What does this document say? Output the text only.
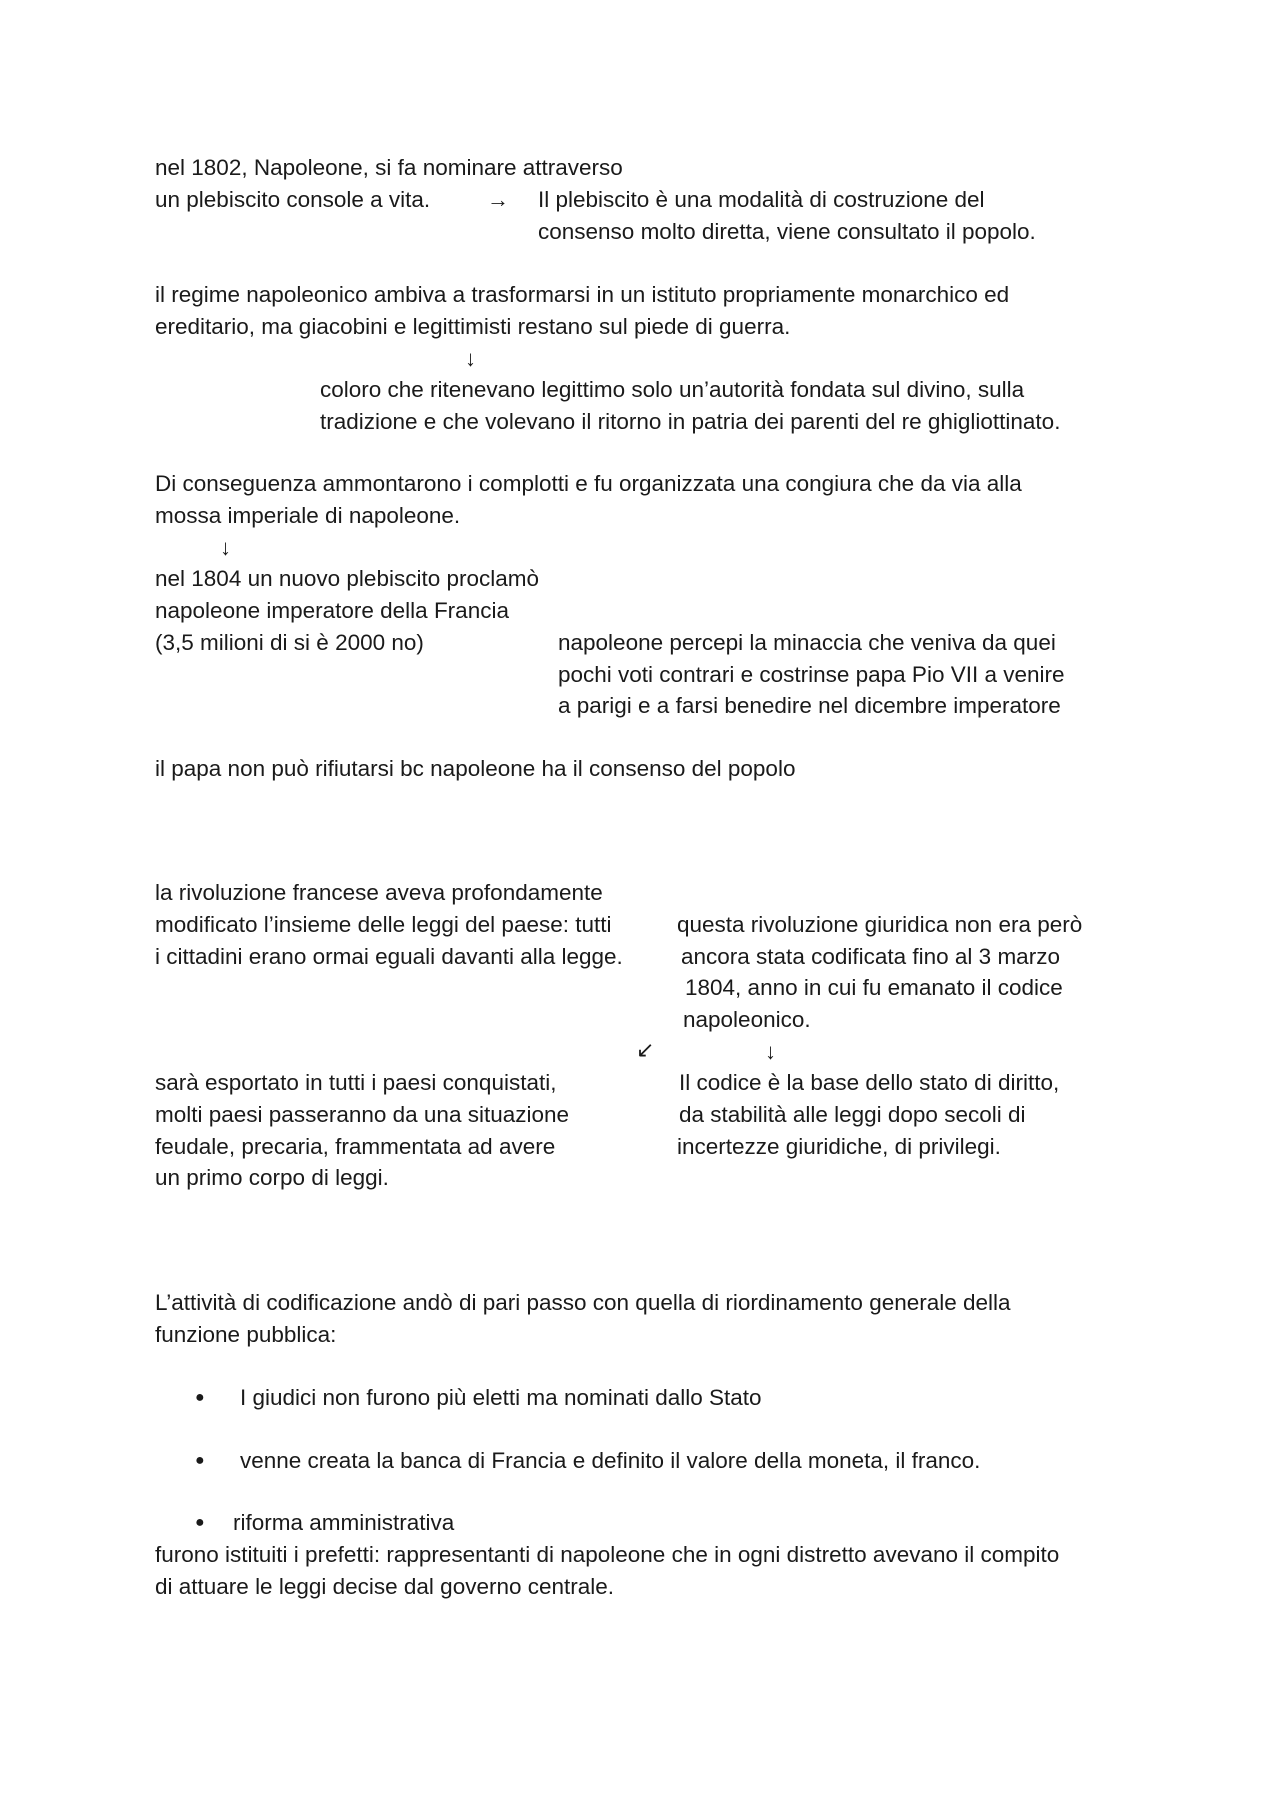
nel 1802, Napoleone, si fa nominare attraverso
un plebiscito console a vita.	→ Il plebiscito è una modalità di costruzione del
consenso molto diretta, viene consultato il popolo.
il regime napoleonico ambiva a trasformarsi in un istituto propriamente monarchico ed
ereditario, ma giacobini e legittimisti restano sul piede di guerra.
↓
coloro che ritenevano legittimo solo un’autorità fondata sul divino, sulla
tradizione e che volevano il ritorno in patria dei parenti del re ghigliottinato.
Di conseguenza ammontarono i complotti e fu organizzata una congiura che da via alla
mossa imperiale di napoleone.
↓
nel 1804 un nuovo plebiscito proclamò
napoleone imperatore della Francia
(3,5 milioni di si è 2000 no)	napoleone percepi la minaccia che veniva da quei
pochi voti contrari e costrinse papa Pio VII a venire
a parigi e a farsi benedire nel dicembre imperatore
il papa non può rifiutarsi bc napoleone ha il consenso del popolo
la rivoluzione francese aveva profondamente
modificato l’insieme delle leggi del paese: tutti
i cittadini erano ormai eguali davanti alla legge.
questa rivoluzione giuridica non era però
ancora stata codificata fino al 3 marzo
1804, anno in cui fu emanato il codice
napoleonico.
↙	↓
sarà esportato in tutti i paesi conquistati,
molti paesi passeranno da una situazione
feudale, precaria, frammentata ad avere
un primo corpo di leggi.
Il codice è la base dello stato di diritto,
da stabilità alle leggi dopo secoli di
incertezze giuridiche, di privilegi.
L’attività di codificazione andò di pari passo con quella di riordinamento generale della
funzione pubblica:
● I giudici non furono più eletti ma nominati dallo Stato
● venne creata la banca di Francia e definito il valore della moneta, il franco.
● riforma amministrativa
furono istituiti i prefetti: rappresentanti di napoleone che in ogni distretto avevano il compito
di attuare le leggi decise dal governo centrale.
